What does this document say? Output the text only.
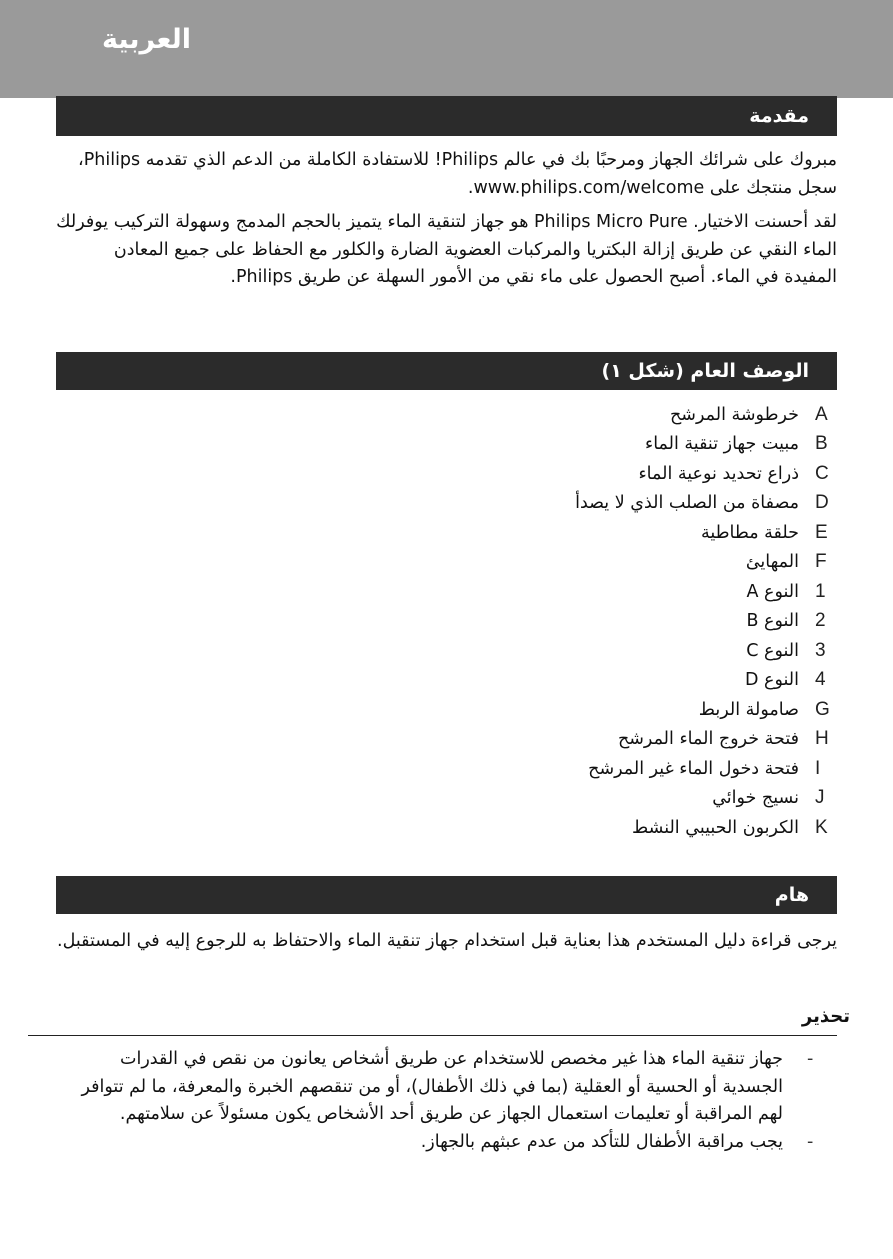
العربية
مقدمة
مبروك على شرائك الجهاز ومرحبًا بك في عالم Philips! للاستفادة الكاملة من الدعم الذي تقدمه Philips، سجل منتجك على www.philips.com/welcome.
لقد أحسنت الاختيار. Philips Micro Pure هو جهاز لتنقية الماء يتميز بالحجم المدمج وسهولة التركيب يوفرلك الماء النقي عن طريق إزالة البكتريا والمركبات العضوية الضارة والكلور مع الحفاظ على جميع المعادن المفيدة في الماء. أصبح الحصول على ماء نقي من الأمور السهلة عن طريق Philips.
الوصف العام (شكل ١)
A
خرطوشة المرشح
B
مبيت جهاز تنقية الماء
C
ذراع تحديد نوعية الماء
D
مصفاة من الصلب الذي لا يصدأ
E
حلقة مطاطية
F
المهايئ
1
النوع A
2
النوع B
3
النوع C
4
النوع D
G
صامولة الربط
H
فتحة خروج الماء المرشح
I
فتحة دخول الماء غير المرشح
J
نسيج خوائي
K
الكربون الحبيبي النشط
هام
يرجى قراءة دليل المستخدم هذا بعناية قبل استخدام جهاز تنقية الماء والاحتفاظ به للرجوع إليه في المستقبل.
تحذير
-
جهاز تنقية الماء هذا غير مخصص للاستخدام عن طريق أشخاص يعانون من نقص في القدرات الجسدية أو الحسية أو العقلية (بما في ذلك الأطفال)، أو من تنقصهم الخبرة والمعرفة، ما لم تتوافر لهم المراقبة أو تعليمات استعمال الجهاز عن طريق أحد الأشخاص يكون مسئولاً عن سلامتهم.
-
يجب مراقبة الأطفال للتأكد من عدم عبثهم بالجهاز.
